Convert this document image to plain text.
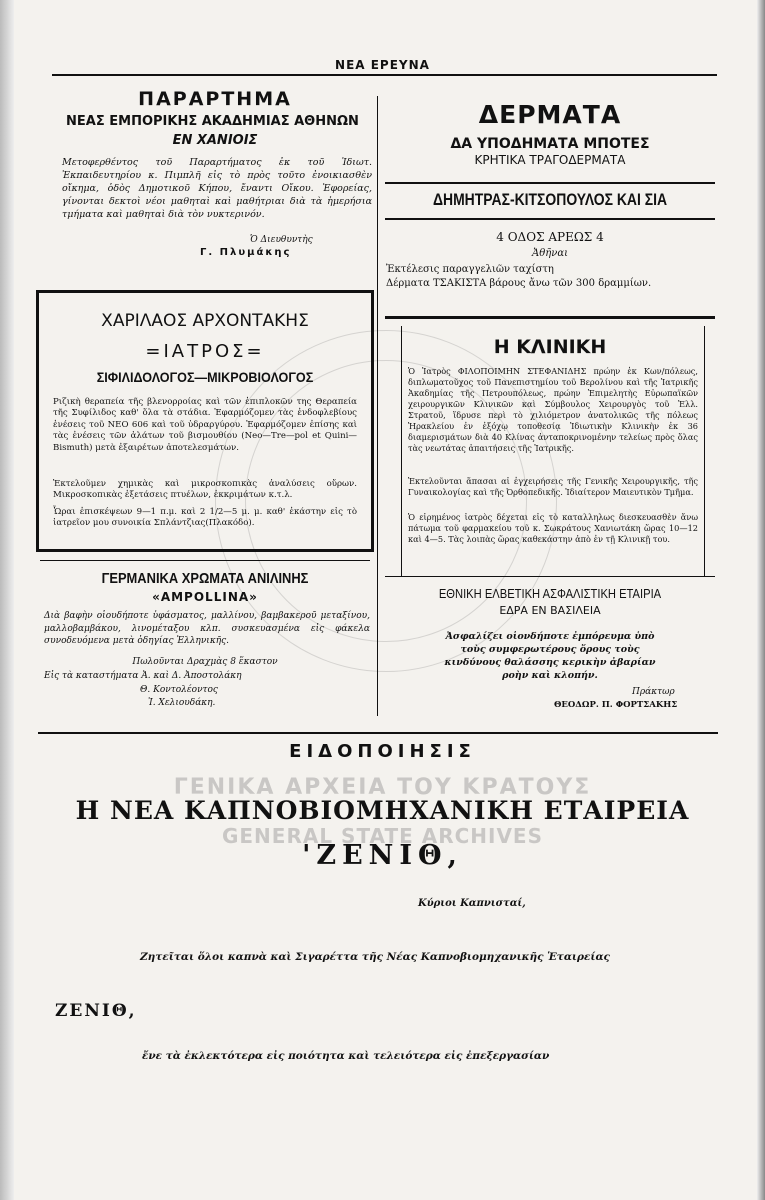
ΝΕΑ ΕΡΕΥΝΑ
ΠΑΡΑΡΤΗΜΑ
ΝΕΑΣ ΕΜΠΟΡΙΚΗΣ ΑΚΑΔΗΜΙΑΣ ΑΘΗΝΩΝ
ΕΝ ΧΑΝΙΟΙΣ
Μετοφερθέντος τοῦ Παραρτήματος ἐκ τοῦ Ἰδιωτ. Ἐκπαιδευτηρίου κ. Πιμπλῆ εἰς τὸ πρὸς τοῦτο ἐνοικιασθὲν οἴκημα, ὁδὸς Δημοτικοῦ Κήπου, ἔναντι Οἴκου. Ἐφορείας, γίνονται δεκτοὶ νέοι μαθηταὶ καὶ μαθήτριαι διὰ τὰ ἡμερήσια τμήματα καὶ μαθηταὶ διὰ τὸν νυκτερινόν.
Ὁ Διευθυντὴς
Γ. Πλυμάκης
ΔΕΡΜΑΤΑ
ΔΑ ΥΠΟΔΗΜΑΤΑ ΜΠΟΤΕΣ
ΚΡΗΤΙΚΑ ΤΡΑΓΟΔΕΡΜΑΤΑ
ΔΗΜΗΤΡΑΣ-ΚΙΤΣΟΠΟΥΛΟΣ ΚΑΙ ΣΙΑ
4 ΟΔΟΣ ΑΡΕΩΣ 4
Ἀθῆναι
Ἐκτέλεσις παραγγελιῶν ταχίστη
Δέρματα ΤΣΑΚΙΣΤΑ βάρους ἄνω τῶν 300 δραμμίων.
ΧΑΡΙΛΑΟΣ ΑΡΧΟΝΤΑΚΗΣ
=ΙΑΤΡΟΣ=
ΣΙΦΙΛΙΔΟΛΟΓΟΣ—ΜΙΚΡΟΒΙΟΛΟΓΟΣ
Ριζικὴ θεραπεία τῆς βλενορροίας καὶ τῶν ἐπιπλοκῶν της Θεραπεία τῆς Συφίλιδος καθ' ὅλα τὰ στάδια. Ἐφαρμόζομεν τὰς ἐνδοφλεβίους ἐνέσεις τοῦ ΝΕΟ 606 καὶ τοῦ ὑδραργύρου. Ἐφαρμόζομεν ἐπίσης καὶ τὰς ἐνέσεις τῶν ἀλάτων τοῦ βισμουθίου (Neo—Tre—pol et Quini—Bismuth) μετὰ ἐξαιρέτων ἀποτελεσμάτων.
Ἐκτελοῦμεν χημικὰς καὶ μικροσκοπικὰς ἀναλύσεις οὔρων. Μικροσκοπικὰς ἐξετάσεις πτυέλων, ἐκκριμάτων κ.τ.λ.
Ὧραι ἐπισκέψεων 9—1 π.μ. καὶ 2 1/2—5 μ. μ. καθ' ἑκάστην εἰς τὸ ἰατρεῖον μου συνοικία Σπλάντζιας(Πλακόδο).
Η ΚΛΙΝΙΚΗ
Ὁ Ἰατρὸς ΦΙΛΟΠΟΙΜΗΝ ΣΤΕΦΑΝΙΔΗΣ πρώην ἐκ Κων/πόλεως, διπλωματοῦχος τοῦ Πανεπιστημίου τοῦ Βερολίνου καὶ τῆς Ἰατρικῆς Ἀκαδημίας τῆς Πετρουπόλεως, πρώην Ἐπιμελητὴς Εὐρωπαϊκῶν χειρουργικῶν Κλινικῶν καὶ Σύμβουλος Χειρουργὸς τοῦ Ἑλλ. Στρατοῦ, ἵδρυσε περὶ τὸ χιλιόμετρον ἀνατολικῶς τῆς πόλεως Ἡρακλείου ἐν ἐξόχῳ τοποθεσίᾳ Ἰδιωτικὴν Κλινικὴν ἐκ 36 διαμερισμάτων διὰ 40 Κλίνας ἀνταποκρινομένην τελείως πρὸς ὅλας τὰς νεωτάτας ἀπαιτήσεις τῆς Ἰατρικῆς.
Ἐκτελοῦνται ἅπασαι αἱ ἐγχειρήσεις τῆς Γενικῆς Χειρουργικῆς, τῆς Γυναικολογίας καὶ τῆς Ὀρθοπεδικῆς. Ἰδιαίτερον Μαιευτικὸν Τμῆμα.
Ὁ εἰρημένος ἰατρὸς δέχεται εἰς τὸ καταλληλως διεσκευασθὲν ἄνω πάτωμα τοῦ φαρμακείου τοῦ κ. Σωκράτους Χανιωτάκη ὥρας 10—12 καὶ 4—5. Τὰς λοιπὰς ὥρας καθεκάστην ἀπὸ ἐν τῇ Κλινικῇ του.
ΓΕΡΜΑΝΙΚΑ ΧΡΩΜΑΤΑ ΑΝΙΛΙΝΗΣ
«AMPOLLINA»
Διὰ βαφὴν οἱουδήποτε ὑφάσματος, μαλλίνου, βαμβακεροῦ μεταξίνου, μαλλοβαμβάκου, λινομέταξου κλπ. συσκευασμένα εἰς φάκελα συνοδευόμενα μετὰ ὁδηγίας Ἑλληνικῆς.
Πωλοῦνται Δραχμὰς 8 ἕκαστον
Εἰς τὰ καταστήματα Ἀ. καὶ Δ. Ἀποστολάκη
Θ. Κοντολέοντος
Ἰ. Χελιουδάκη.
ΕΘΝΙΚΗ ΕΛΒΕΤΙΚΗ ΑΣΦΑΛΙΣΤΙΚΗ ΕΤΑΙΡΙΑ
ΕΔΡΑ ΕΝ ΒΑΣΙΛΕΙΑ
Ἀσφαλίζει οἱονδήποτε ἐμπόρευμα ὑπὸ τοὺς συμφερωτέρους ὅρους τοὺς κινδύνους θαλάσσης κερικὴν ἀβαρίαν ροὴν καὶ κλοπήν.
Πράκτωρ
ΘΕΟΔΩΡ. Π. ΦΟΡΤΣΑΚΗΣ
ΕΙΔΟΠΟΙΗΣΙΣ
Η ΝΕΑ ΚΑΠΝΟΒΙΟΜΗΧΑΝΙΚΗ ΕΤΑΙΡΕΙΑ
'ΖΕΝΙΘ,
Κύριοι Καπνισταί,
Ζητεῖται ὅλοι καπνὰ καὶ Σιγαρέττα τῆς Νέας Καπνοβιομηχανικῆς Ἑταιρείας
ΖΕΝΙΘ,
ἔνε τὰ ἐκλεκτότερα εἰς ποιότητα καὶ τελειότερα εἰς ἐπεξεργασίαν
ΓΕΝΙΚΑ ΑΡΧΕΙΑ ΤΟΥ ΚΡΑΤΟΥΣ
GENERAL STATE ARCHIVES
